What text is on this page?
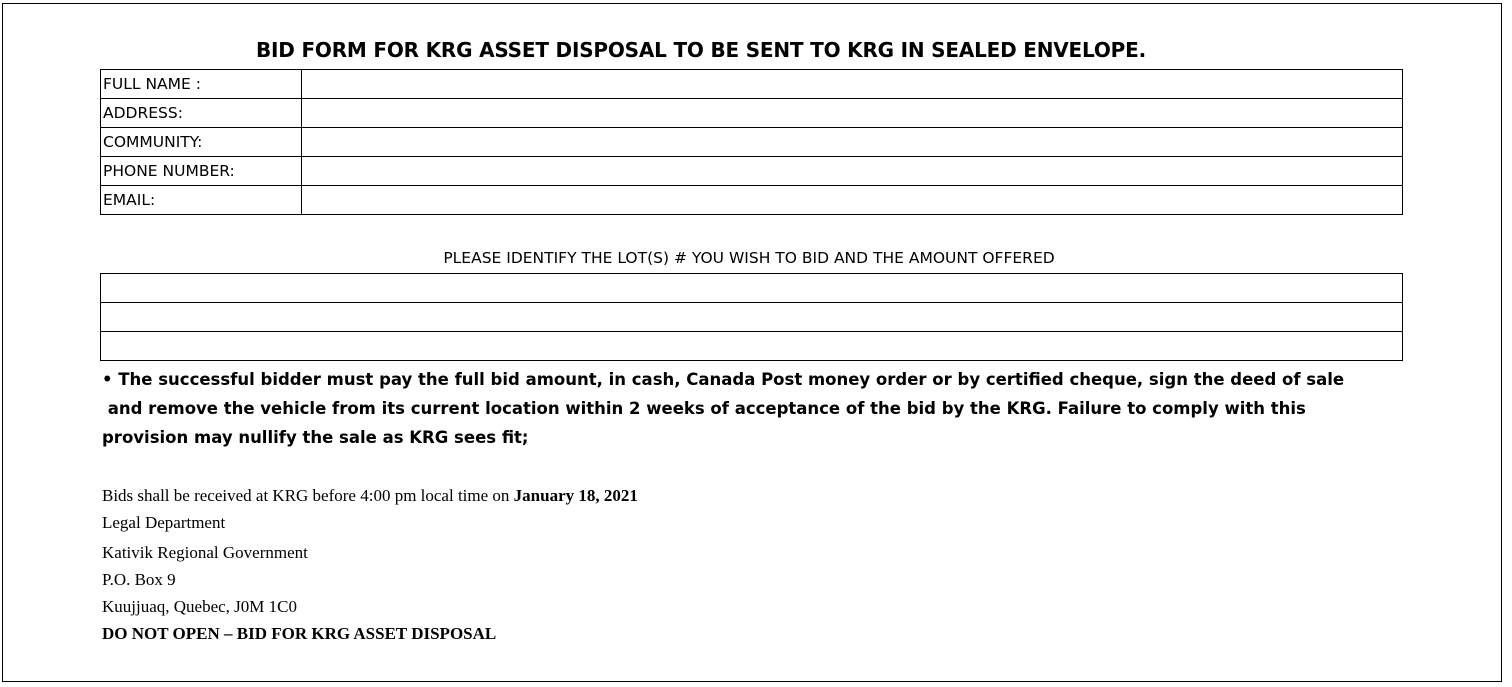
BID FORM FOR KRG ASSET DISPOSAL TO BE SENT TO KRG IN SEALED ENVELOPE.
FULL NAME :	
ADDRESS:	
COMMUNITY:	
PHONE NUMBER:	
EMAIL:	

PLEASE IDENTIFY THE LOT(S) # YOU WISH TO BID AND THE AMOUNT OFFERED

• The successful bidder must pay the full bid amount, in cash, Canada Post money order or by certified cheque, sign the deed of sale
and remove the vehicle from its current location within 2 weeks of acceptance of the bid by the KRG. Failure to comply with this
provision may nullify the sale as KRG sees fit;

Bids shall be received at KRG before 4:00 pm local time on January 18, 2021
Legal Department
Kativik Regional Government
P.O. Box 9
Kuujjuaq, Quebec, J0M 1C0
DO NOT OPEN – BID FOR KRG ASSET DISPOSAL
